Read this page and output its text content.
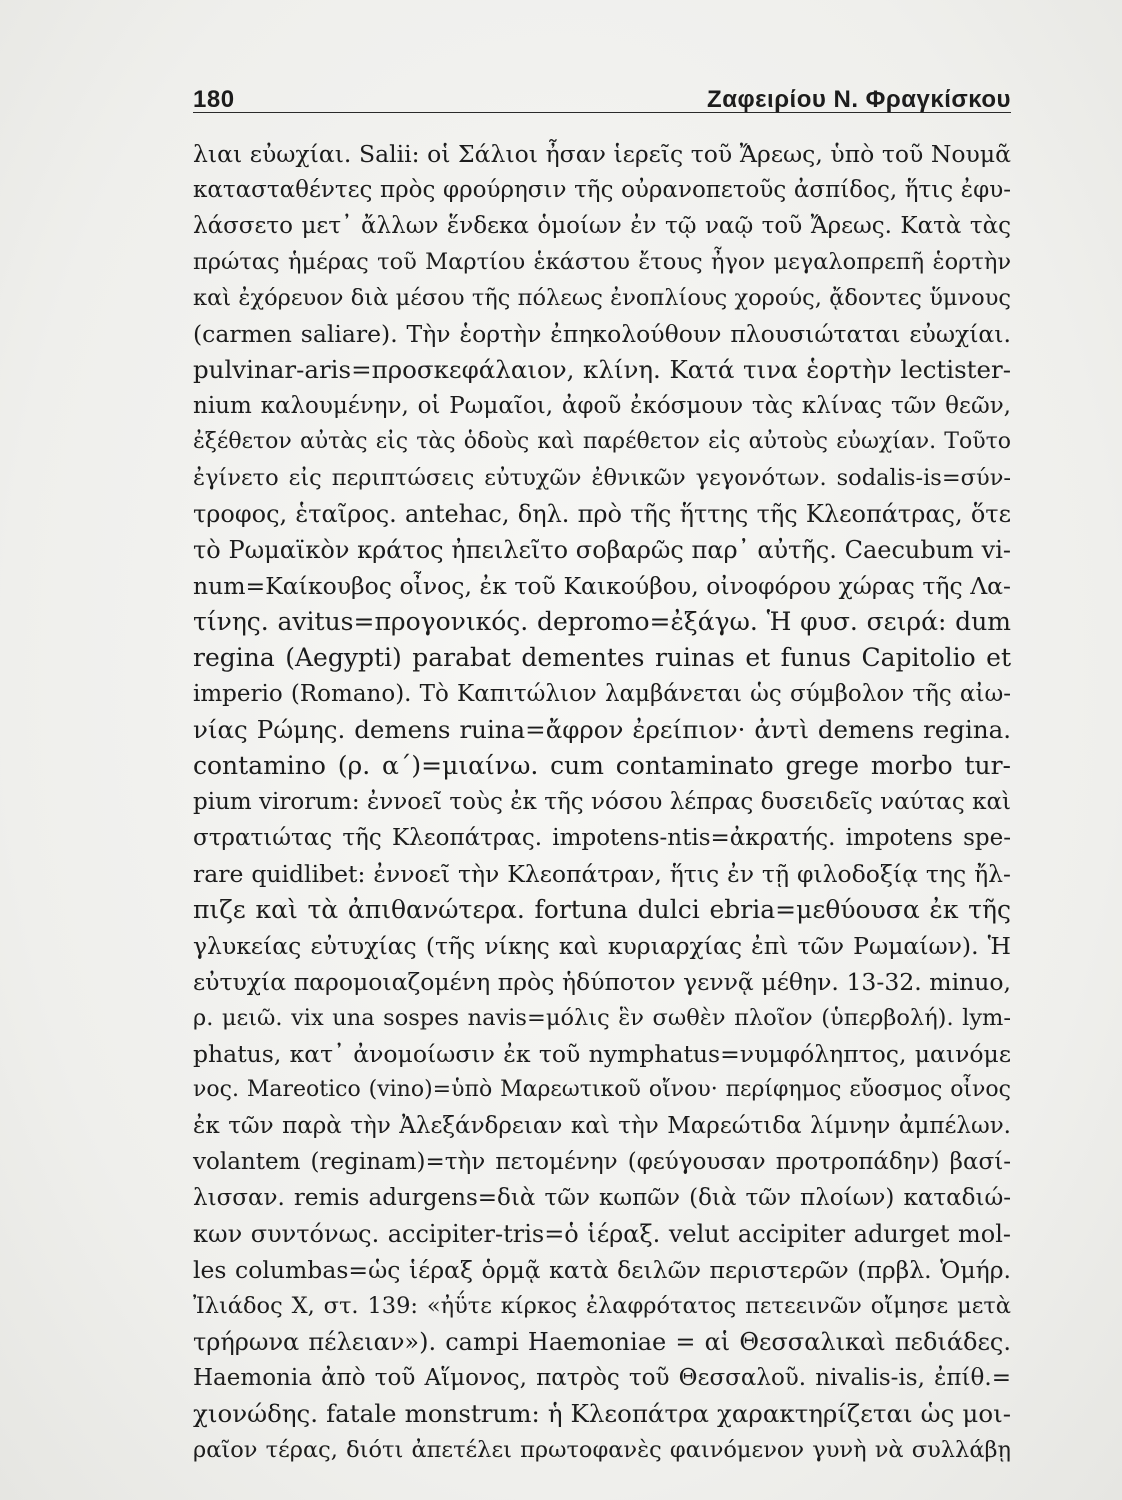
180	Ζαφειρίου Ν. Φραγκίσκου
λιαι εὐωχίαι. Salii: οἱ Σάλιοι ἦσαν ἱερεῖς τοῦ Ἄρεως, ὑπὸ τοῦ Νουμᾶ
κατασταθέντες πρὸς φρούρησιν τῆς οὐρανοπετοῦς ἀσπίδος, ἥτις ἐφυ-
λάσσετο μετ᾿ ἄλλων ἕνδεκα ὁμοίων ἐν τῷ ναῷ τοῦ Ἄρεως. Κατὰ τὰς
πρώτας ἡμέρας τοῦ Μαρτίου ἑκάστου ἔτους ἦγον μεγαλοπρεπῆ ἑορτὴν
καὶ ἐχόρευον διὰ μέσου τῆς πόλεως ἐνοπλίους χορούς, ᾄδοντες ὕμνους
(carmen saliare). Τὴν ἑορτὴν ἐπηκολούθουν πλουσιώταται εὐωχίαι.
pulvinar-aris=προσκεφάλαιον, κλίνη. Κατά τινα ἑορτὴν lectister-
nium καλουμένην, οἱ Ρωμαῖοι, ἀφοῦ ἐκόσμουν τὰς κλίνας τῶν θεῶν,
ἐξέθετον αὐτὰς εἰς τὰς ὁδοὺς καὶ παρέθετον εἰς αὐτοὺς εὐωχίαν. Τοῦτο
ἐγίνετο εἰς περιπτώσεις εὐτυχῶν ἐθνικῶν γεγονότων. sodalis-is=σύν-
τροφος, ἑταῖρος. antehac, δηλ. πρὸ τῆς ἥττης τῆς Κλεοπάτρας, ὅτε
τὸ Ρωμαϊκὸν κράτος ἠπειλεῖτο σοβαρῶς παρ᾿ αὐτῆς. Caecubum vi-
num=Καίκουβος οἶνος, ἐκ τοῦ Καικούβου, οἰνοφόρου χώρας τῆς Λα-
τίνης. avitus=προγονικός. depromo=ἐξάγω. Ἡ φυσ. σειρά: dum
regina (Aegypti) parabat dementes ruinas et funus Capitolio et
imperio (Romano). Τὸ Καπιτώλιον λαμβάνεται ὡς σύμβολον τῆς αἰω-
νίας Ρώμης. demens ruina=ἄφρον ἐρείπιον· ἀντὶ demens regina.
contamino (ρ. α΄)=μιαίνω. cum contaminato grege morbo tur-
pium virorum: ἐννοεῖ τοὺς ἐκ τῆς νόσου λέπρας δυσειδεῖς ναύτας καὶ
στρατιώτας τῆς Κλεοπάτρας. impotens-ntis=ἀκρατής. impotens spe-
rare quidlibet: ἐννοεῖ τὴν Κλεοπάτραν, ἥτις ἐν τῇ φιλοδοξίᾳ της ἤλ-
πιζε καὶ τὰ ἀπιθανώτερα. fortuna dulci ebria=μεθύουσα ἐκ τῆς
γλυκείας εὐτυχίας (τῆς νίκης καὶ κυριαρχίας ἐπὶ τῶν Ρωμαίων). Ἡ
εὐτυχία παρομοιαζομένη πρὸς ἡδύποτον γεννᾷ μέθην. 13-32. minuo,
ρ. μειῶ. vix una sospes navis=μόλις ἓν σωθὲν πλοῖον (ὑπερβολή). lym-
phatus, κατ᾿ ἀνομοίωσιν ἐκ τοῦ nymphatus=νυμφόληπτος, μαινόμε
νος. Mareotico (vino)=ὑπὸ Μαρεωτικοῦ οἴνου· περίφημος εὔοσμος οἶνος
ἐκ τῶν παρὰ τὴν Ἀλεξάνδρειαν καὶ τὴν Μαρεώτιδα λίμνην ἀμπέλων.
volantem (reginam)=τὴν πετομένην (φεύγουσαν προτροπάδην) βασί-
λισσαν. remis adurgens=διὰ τῶν κωπῶν (διὰ τῶν πλοίων) καταδιώ-
κων συντόνως. accipiter-tris=ὁ ἱέραξ. velut accipiter adurget mol-
les columbas=ὡς ἱέραξ ὁρμᾷ κατὰ δειλῶν περιστερῶν (πρβλ. Ὁμήρ.
Ἰλιάδος Χ, στ. 139: «ἠΰτε κίρκος ἐλαφρότατος πετεεινῶν οἴμησε μετὰ
τρήρωνα πέλειαν»). campi Haemoniae = αἱ Θεσσαλικαὶ πεδιάδες.
Haemonia ἀπὸ τοῦ Αἵμονος, πατρὸς τοῦ Θεσσαλοῦ. nivalis-is, ἐπίθ.=
χιονώδης. fatale monstrum: ἡ Κλεοπάτρα χαρακτηρίζεται ὡς μοι-
ραῖον τέρας, διότι ἀπετέλει πρωτοφανὲς φαινόμενον γυνὴ νὰ συλλάβῃ
